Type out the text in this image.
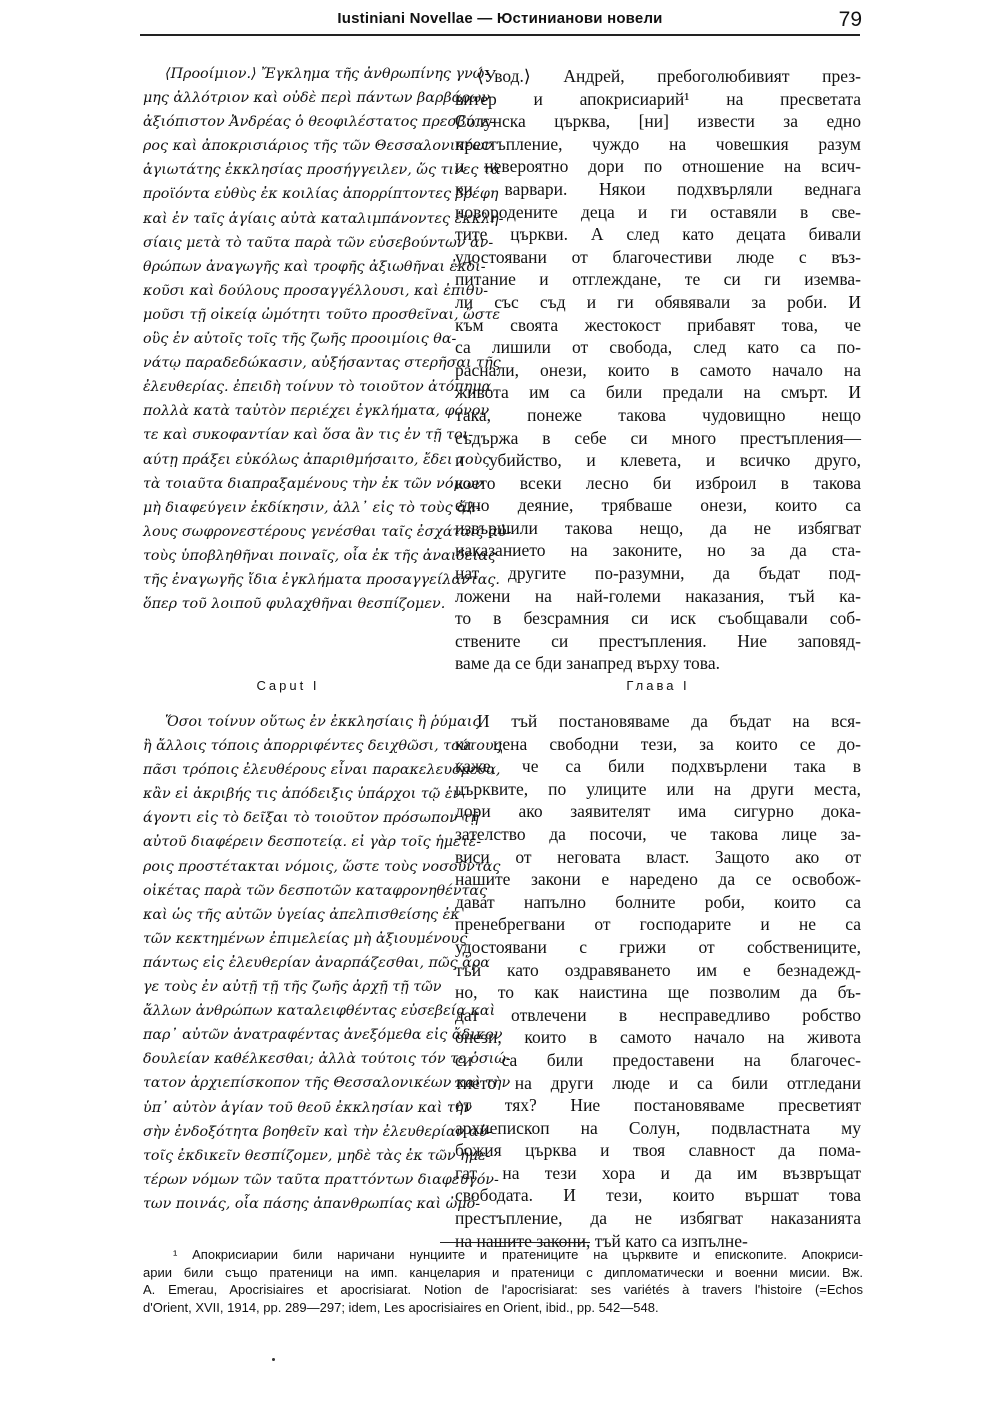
Iustiniani Novellae — Юстинианови новели	79
⟨Προοίμιον.⟩ Ἔγκλημα τῆς ἀνθρωπίνης γνώ-
μης ἀλλότριον καὶ οὐδὲ περὶ πάντων βαρβάρων
ἀξιόπιστον Ἀνδρέας ὁ θεοφιλέστατος πρεσβύτε-
ρος καὶ ἀποκρισιάριος τῆς τῶν Θεσσαλονικέων
ἁγιωτάτης ἐκκλησίας προσήγγειλεν, ὥς τινες τὰ
προϊόντα εὐθὺς ἐκ κοιλίας ἀπορρίπτοντες βρέφη
καὶ ἐν ταῖς ἁγίαις αὐτὰ καταλιμπάνοντες ἐκκλη-
σίαις μετὰ τὸ ταῦτα παρὰ τῶν εὐσεβούντων ἀν-
θρώπων ἀναγωγῆς καὶ τροφῆς ἀξιωθῆναι ἐκδι-
κοῦσι καὶ δούλους προσαγγέλλουσι, καὶ ἐπιθυ-
μοῦσι τῇ οἰκείᾳ ὠμότητι τοῦτο προσθεῖναι, ὥστε
οὓς ἐν αὐτοῖς τοῖς τῆς ζωῆς προοιμίοις θα-
νάτῳ παραδεδώκασιν, αὐξήσαντας στερῆσαι τῆς
ἐλευθερίας. ἐπειδὴ τοίνυν τὸ τοιοῦτον ἀτόπημα
πολλὰ κατὰ ταὐτὸν περιέχει ἐγκλήματα, φόνον
τε καὶ συκοφαντίαν καὶ ὅσα ἂν τις ἐν τῇ τοι-
αύτῃ πράξει εὐκόλως ἀπαριθμήσαιτο, ἔδει τοὺς
τὰ τοιαῦτα διαπραξαμένους τὴν ἐκ τῶν νόμων
μὴ διαφεύγειν ἐκδίκησιν, ἀλλ᾽ εἰς τὸ τοὺς ἄλ-
λους σωφρονεστέρους γενέσθαι ταῖς ἐσχάταις αὐ-
τοὺς ὑποβληθῆναι ποιναῖς, οἷα ἐκ τῆς ἀναιδείας
τῆς ἐναγωγῆς ἴδια ἐγκλήματα προσαγγείλαντας.
ὅπερ τοῦ λοιποῦ φυλαχθῆναι θεσπίζομεν.
⟨Увод.⟩ Андрей, пребоголюбивият през-
витер и апокрисиарий¹ на пресветата
Солунска църква, [ни] извести за едно
престъпление, чуждо на човешкия разум
и невероятно дори по отношение на всич-
ки варвари. Някои подхвърляли веднага
новородените деца и ги оставяли в све-
тите църкви. А след като децата бивали
удостоявани от благочестиви люде с въз-
питание и отглеждане, те си ги иземва-
ли със съд и ги обявявали за роби. И
към своята жестокост прибавят това, че
са лишили от свобода, след като са по-
раснали, онези, които в самото начало на
живота им са били предали на смърт. И
така, понеже такова чудовищно нещо
съдържа в себе си много престъпления—
и убийство, и клевета, и всичко друго,
което всеки лесно би изброил в такова
едно деяние, трябваше онези, които са
извършили такова нещо, да не избягват
наказанието на законите, но за да ста-
нат другите по-разумни, да бъдат под-
ложени на най-големи наказания, тъй ка-
то в безсрамния си иск съобщавали соб-
ствените си престъпления. Ние заповяд-
ваме да се бди занапред върху това.
Caput I	Глава I
Ὅσοι τοίνυν οὕτως ἐν ἐκκλησίαις ἢ ῥύμαις
ἢ ἄλλοις τόποις ἀπορριφέντες δειχθῶσι, τούτους
πᾶσι τρόποις ἐλευθέρους εἶναι παρακελευόμεθα,
κἂν εἰ ἀκριβής τις ἀπόδειξις ὑπάρχοι τῷ ἐν-
άγοντι εἰς τὸ δεῖξαι τὸ τοιοῦτον πρόσωπον τῇ
αὐτοῦ διαφέρειν δεσποτείᾳ. εἰ γὰρ τοῖς ἡμετέ-
ροις προστέτακται νόμοις, ὥστε τοὺς νοσοῦντας
οἰκέτας παρὰ τῶν δεσποτῶν καταφρονηθέντας
καὶ ὡς τῆς αὐτῶν ὑγείας ἀπελπισθείσης ἐκ
τῶν κεκτημένων ἐπιμελείας μὴ ἀξιουμένους
πάντως εἰς ἐλευθερίαν ἀναρπάζεσθαι, πῶς ἄρα
γε τοὺς ἐν αὐτῇ τῇ τῆς ζωῆς ἀρχῇ τῇ τῶν
ἄλλων ἀνθρώπων καταλειφθέντας εὐσεβείᾳ καὶ
παρ᾽ αὐτῶν ἀνατραφέντας ἀνεξόμεθα εἰς ἄδικον
δουλείαν καθέλκεσθαι; ἀλλὰ τούτοις τόν τε ὁσιώ-
τατον ἀρχιεπίσκοπον τῆς Θεσσαλονικέων καὶ τὴν
ὑπ᾽ αὐτὸν ἁγίαν τοῦ θεοῦ ἐκκλησίαν καὶ τὴν
σὴν ἐνδοξότητα βοηθεῖν καὶ τὴν ἐλευθερίαν αὐ-
τοῖς ἐκδικεῖν θεσπίζομεν, μηδὲ τὰς ἐκ τῶν ἡμε-
τέρων νόμων τῶν ταῦτα πραττόντων διαφευγόν-
των ποινάς, οἷα πάσης ἀπανθρωπίας καὶ ὠμό-
И тъй постановяваме да бъдат на вся-
ка цена свободни тези, за които се до-
каже, че са били подхвърлени така в
църквите, по улиците или на други места,
дори ако заявителят има сигурно дока-
зателство да посочи, че такова лице за-
виси от неговата власт. Защото ако от
нашите закони е наредено да се освобож-
дават напълно болните роби, които са
пренебрегвани от господарите и не са
удостоявани с грижи от собствениците,
тъй като оздравяването им е безнадежд-
но, то как наистина ще позволим да бъ-
дат отвлечени в несправедливо робство
онези, които в самото начало на живота
си са били предоставени на благочес-
тието на други люде и са били отгледани
от тях? Ние постановяваме пресветият
архиепископ на Солун, подвластната му
божия църква и твоя славност да пома-
гат на тези хора и да им възвръщат
свободата. И тези, които вършат това
престъпление, да не избягват наказанията
на нашите закони, тъй като са изпълне-
¹ Апокрисиарии били наричани нунциите и пратениците на църквите и епископите. Апокриси-
арии били също пратеници на имп. канцелария и пратеници с дипломатически и военни мисии. Вж.
A. Emerau, Apocrisiaires et apocrisiarat. Notion de l'apocrisiarat: ses variétés à travers l'histoire (=Echos
d'Orient, XVII, 1914, pp. 289—297; idem, Les apocrisiaires en Orient, ibid., pp. 542—548.
